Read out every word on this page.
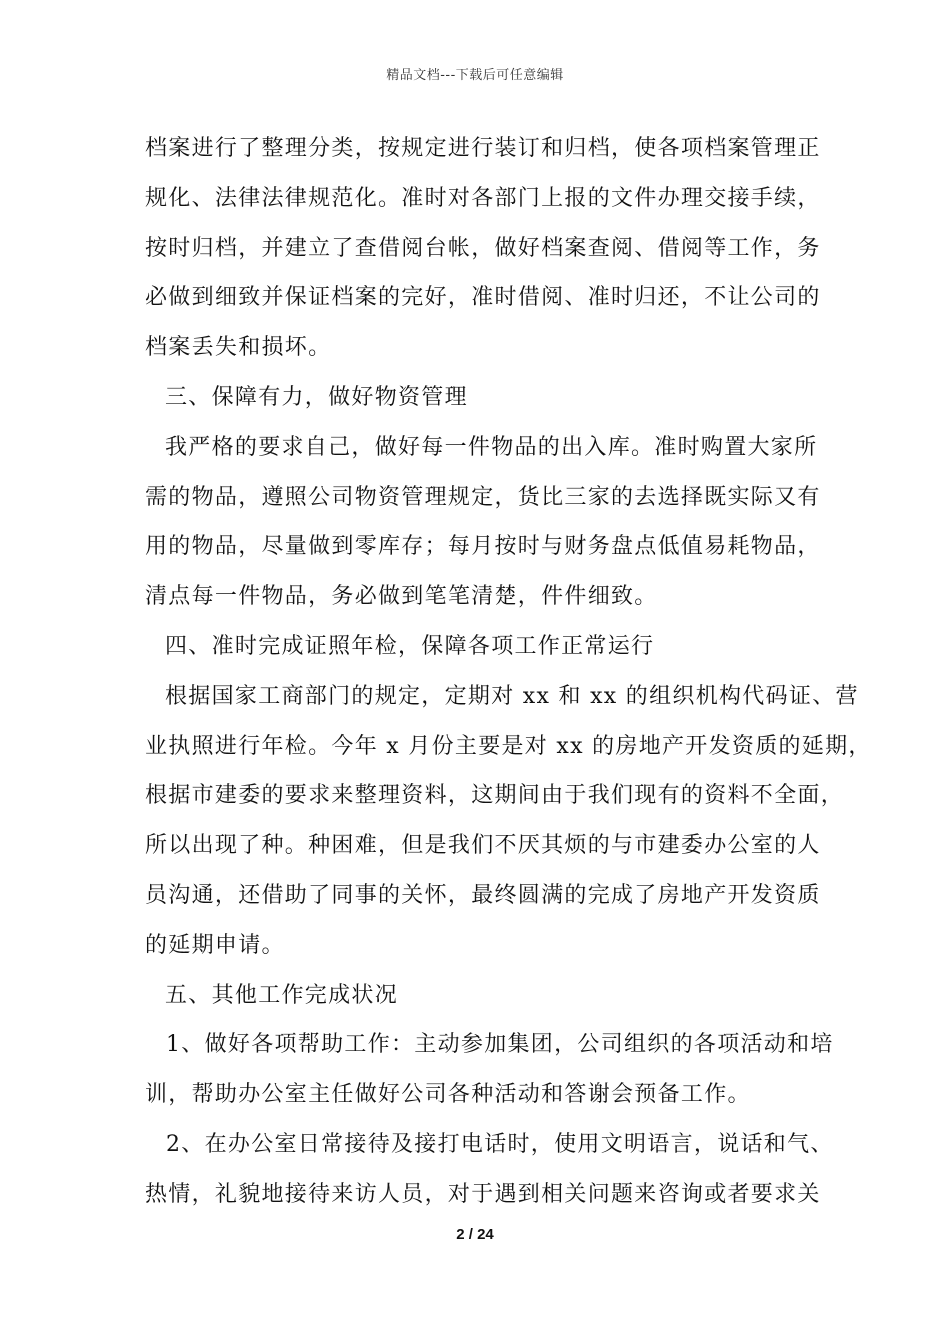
精品文档---下载后可任意编辑
档案进行了整理分类，按规定进行装订和归档，使各项档案管理正
规化、法律法律规范化。准时对各部门上报的文件办理交接手续，
按时归档，并建立了查借阅台帐，做好档案查阅、借阅等工作，务
必做到细致并保证档案的完好，准时借阅、准时归还，不让公司的
档案丢失和损坏。
三、保障有力，做好物资管理
我严格的要求自己，做好每一件物品的出入库。准时购置大家所
需的物品，遵照公司物资管理规定，货比三家的去选择既实际又有
用的物品，尽量做到零库存；每月按时与财务盘点低值易耗物品，
清点每一件物品，务必做到笔笔清楚，件件细致。
四、准时完成证照年检，保障各项工作正常运行
根据国家工商部门的规定，定期对 xx 和 xx 的组织机构代码证、营
业执照进行年检。今年 x 月份主要是对 xx 的房地产开发资质的延期，
根据市建委的要求来整理资料，这期间由于我们现有的资料不全面，
所以出现了种。种困难，但是我们不厌其烦的与市建委办公室的人
员沟通，还借助了同事的关怀，最终圆满的完成了房地产开发资质
的延期申请。
五、其他工作完成状况
1、做好各项帮助工作：主动参加集团，公司组织的各项活动和培
训，帮助办公室主任做好公司各种活动和答谢会预备工作。
2、在办公室日常接待及接打电话时，使用文明语言，说话和气、
热情，礼貌地接待来访人员，对于遇到相关问题来咨询或者要求关
2 / 24
